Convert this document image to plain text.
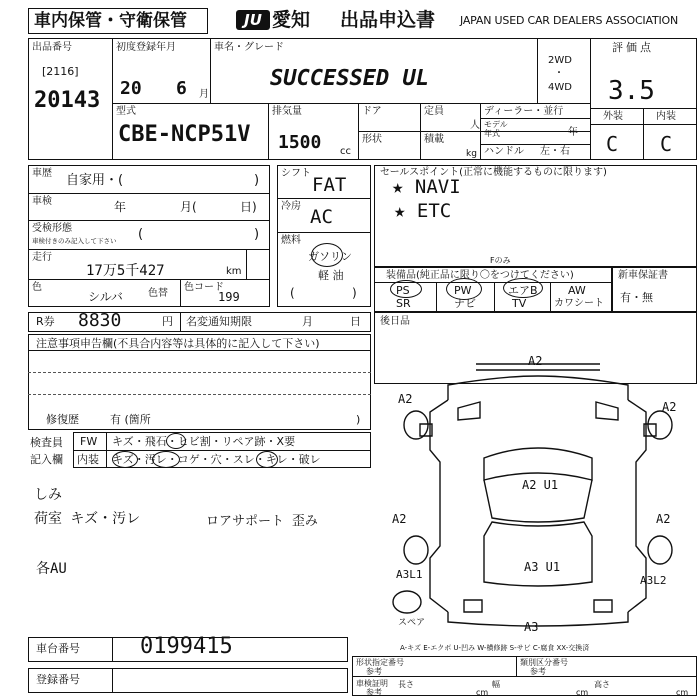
車内保管・守衛保管	JU 愛知 出品申込書 JAPAN USED CAR DEALERS ASSOCIATION
出品番号
[2116]
20143
初度登録年月
20 6 月
車名・グレード
SUCCESSED UL
2WD
・
4WD
評価点
3.5
型式
CBE-NCP51V
排気量
1500 cc
ドア	定員
人
形状	積載
kg
ディーラー・並行
モデル
年式	年
ハンドル 左・右
外装	内装
C C
車歴 自家用・(	)
車検	年	月(	日)
受検形態
車検付きのみ記入して下さい (	)
走行
17万5千427	km
色
シルバ	色替
色コード
199
シフト
FAT
冷房 AC
燃料
ガソリン
軽 油
(	)
セールスポイント(正常に機能するものに限ります)
★ NAVI
★ ETC
装備品(純正品に限り〇をつけてください)
Fのみ
PS
SR
PW
ナビ
エアB
TV
AW
カワシート
新車保証書
有・無
R券 8830	円 名変通知期限	月	日 後日品
注意事項申告欄(不具合内容等は具体的に記入して下さい)
修復歴	有 (箇所	)
検査員
記入欄
FW キズ・飛石・ヒビ割・リペア跡・X要
内装 キズ・汚レ・コゲ・穴・スレ・キレ・破レ
しみ
荷室 キズ・汚レ	ロアサポート 歪み
各AU
A2
A2
A2
A2 U1
A2	A2
A3 U1
A3L1	A3L2
A3
スペア
A-キズ E-エクボ U-凹み W-横修跡 S-サビ C-腐食 XX-交換済
車台番号	0199415
登録番号
形状指定番号
参考
類別区分番号
参考
車検証明
参考
長さ
cm
幅
cm
高さ
cm
